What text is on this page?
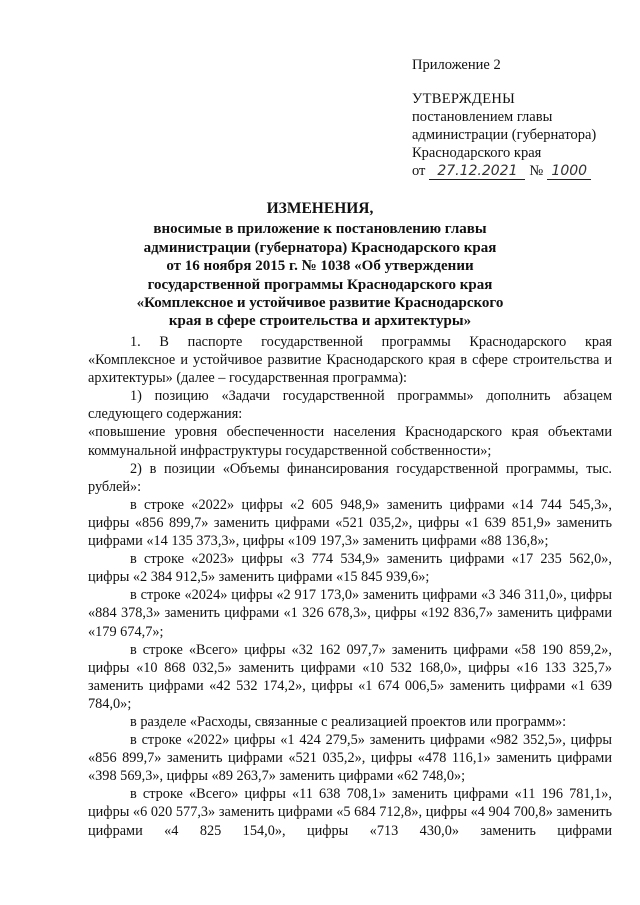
Приложение 2
УТВЕРЖДЕНЫ
постановлением главы
администрации (губернатора)
Краснодарского края
от 27.12.2021 № 1000
ИЗМЕНЕНИЯ,
вносимые в приложение к постановлению главы
администрации (губернатора) Краснодарского края
от 16 ноября 2015 г. № 1038 «Об утверждении
государственной программы Краснодарского края
«Комплексное и устойчивое развитие Краснодарского
края в сфере строительства и архитектуры»

1. В паспорте государственной программы Краснодарского края «Комплексное и устойчивое развитие Краснодарского края в сфере строительства и архитектуры» (далее – государственная программа):

1) позицию «Задачи государственной программы» дополнить абзацем следующего содержания:

«повышение уровня обеспеченности населения Краснодарского края объектами коммунальной инфраструктуры государственной собственности»;

2) в позиции «Объемы финансирования государственной программы, тыс. рублей»:

в строке «2022» цифры «2 605 948,9» заменить цифрами «14 744 545,3», цифры «856 899,7» заменить цифрами «521 035,2», цифры «1 639 851,9» заменить цифрами «14 135 373,3», цифры «109 197,3» заменить цифрами «88 136,8»;

в строке «2023» цифры «3 774 534,9» заменить цифрами «17 235 562,0», цифры «2 384 912,5» заменить цифрами «15 845 939,6»;

в строке «2024» цифры «2 917 173,0» заменить цифрами «3 346 311,0», цифры «884 378,3» заменить цифрами «1 326 678,3», цифры «192 836,7» заменить цифрами «179 674,7»;

в строке «Всего» цифры «32 162 097,7» заменить цифрами «58 190 859,2», цифры «10 868 032,5» заменить цифрами «10 532 168,0», цифры «16 133 325,7» заменить цифрами «42 532 174,2», цифры «1 674 006,5» заменить цифрами «1 639 784,0»;

в разделе «Расходы, связанные с реализацией проектов или программ»:

в строке «2022» цифры «1 424 279,5» заменить цифрами «982 352,5», цифры «856 899,7» заменить цифрами «521 035,2», цифры «478 116,1» заменить цифрами «398 569,3», цифры «89 263,7» заменить цифрами «62 748,0»;

в строке «Всего» цифры «11 638 708,1» заменить цифрами «11 196 781,1», цифры «6 020 577,3» заменить цифрами «5 684 712,8», цифры «4 904 700,8» заменить цифрами «4 825 154,0», цифры «713 430,0» заменить цифрами
